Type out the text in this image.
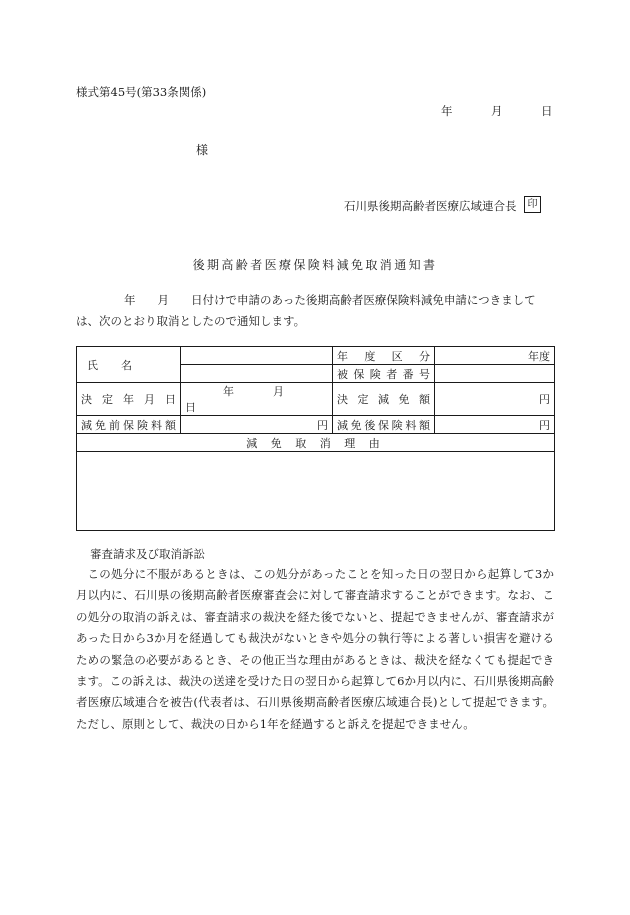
様式第45号(第33条関係)
年	月	日
様
石川県後期高齢者医療広域連合長	印
後期高齢者医療保険料減免取消通知書

年 月 日付けで申請のあった後期高齢者医療保険料減免申請につきましては、次のとおり取消としたので通知します。

氏 名		年 度 区 分	年度

		被保険者番号	

決定年月日	年 月日	決定減免額	円

減免前保険料額	円	減免後保険料額	円
減 免 取 消 理 由			

審査請求及び取消訴訟
この処分に不服があるときは、この処分があったことを知った日の翌日から起算して3か月以内に、石川県の後期高齢者医療審査会に対して審査請求することができます。なお、この処分の取消の訴えは、審査請求の裁決を経た後でないと、提起できませんが、審査請求があった日から3か月を経過しても裁決がないときや処分の執行等による著しい損害を避けるための緊急の必要があるとき、その他正当な理由があるときは、裁決を経なくても提起できます。この訴えは、裁決の送達を受けた日の翌日から起算して6か月以内に、石川県後期高齢者医療広域連合を被告(代表者は、石川県後期高齢者医療広域連合長)として提起できます。ただし、原則として、裁決の日から1年を経過すると訴えを提起できません。
